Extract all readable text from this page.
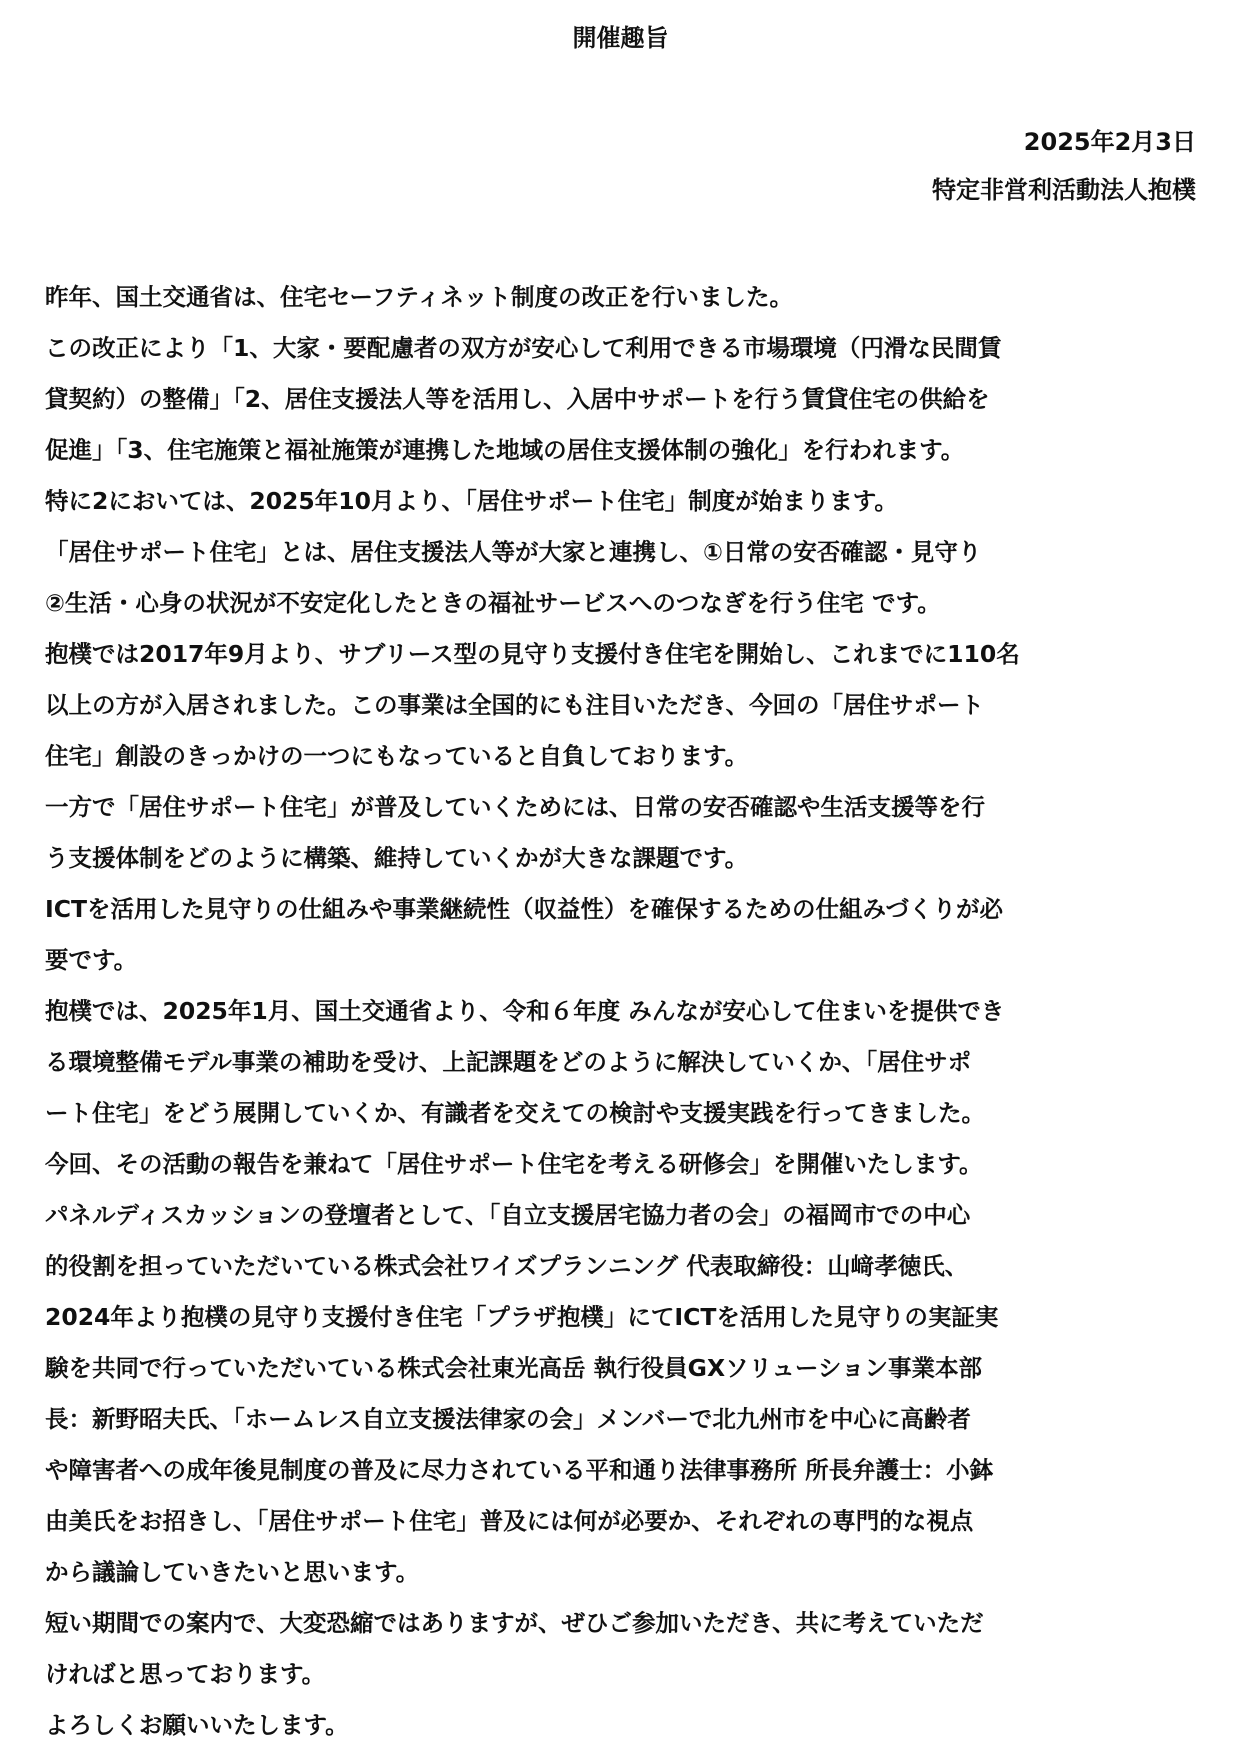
開催趣旨
2025年2月3日
特定非営利活動法人抱樸
昨年、国土交通省は、住宅セーフティネット制度の改正を行いました。
この改正により「1、大家・要配慮者の双方が安心して利用できる市場環境（円滑な民間賃
貸契約）の整備」「2、居住支援法人等を活用し、入居中サポートを行う賃貸住宅の供給を
促進」「3、住宅施策と福祉施策が連携した地域の居住支援体制の強化」を行われます。
特に2においては、2025年10月より、「居住サポート住宅」制度が始まります。
「居住サポート住宅」とは、居住支援法人等が大家と連携し、①日常の安否確認・見守り
②生活・心身の状況が不安定化したときの福祉サービスへのつなぎを行う住宅 です。
抱樸では2017年9月より、サブリース型の見守り支援付き住宅を開始し、これまでに110名
以上の方が入居されました。この事業は全国的にも注目いただき、今回の「居住サポート
住宅」創設のきっかけの一つにもなっていると自負しております。
一方で「居住サポート住宅」が普及していくためには、日常の安否確認や生活支援等を行
う支援体制をどのように構築、維持していくかが大きな課題です。
ICTを活用した見守りの仕組みや事業継続性（収益性）を確保するための仕組みづくりが必
要です。
抱樸では、2025年1月、国土交通省より、令和６年度 みんなが安心して住まいを提供でき
る環境整備モデル事業の補助を受け、上記課題をどのように解決していくか、「居住サポ
ート住宅」をどう展開していくか、有識者を交えての検討や支援実践を行ってきました。
今回、その活動の報告を兼ねて「居住サポート住宅を考える研修会」を開催いたします。
パネルディスカッションの登壇者として、「自立支援居宅協力者の会」の福岡市での中心
的役割を担っていただいている株式会社ワイズプランニング 代表取締役：山﨑孝徳氏、
2024年より抱樸の見守り支援付き住宅「プラザ抱樸」にてICTを活用した見守りの実証実
験を共同で行っていただいている株式会社東光高岳 執行役員GXソリューション事業本部
長：新野昭夫氏、「ホームレス自立支援法律家の会」メンバーで北九州市を中心に高齢者
や障害者への成年後見制度の普及に尽力されている平和通り法律事務所 所長弁護士：小鉢
由美氏をお招きし、「居住サポート住宅」普及には何が必要か、それぞれの専門的な視点
から議論していきたいと思います。
短い期間での案内で、大変恐縮ではありますが、ぜひご参加いただき、共に考えていただ
ければと思っております。
よろしくお願いいたします。
